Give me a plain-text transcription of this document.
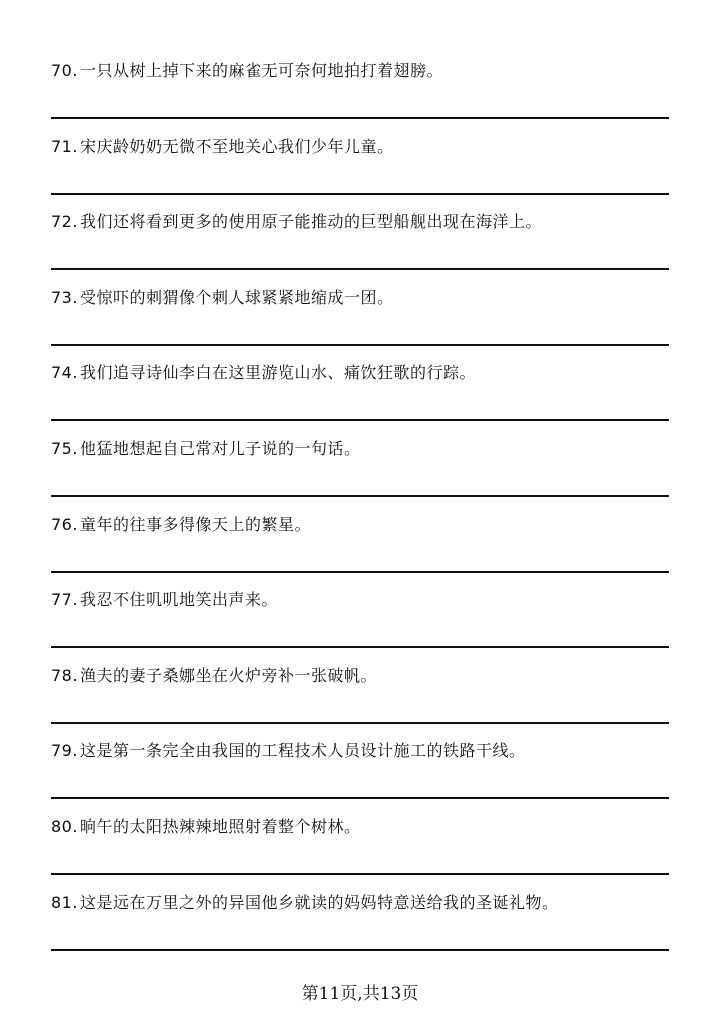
70. 一只从树上掉下来的麻雀无可奈何地拍打着翅膀。
71. 宋庆龄奶奶无微不至地关心我们少年儿童。
72. 我们还将看到更多的使用原子能推动的巨型船舰出现在海洋上。
73. 受惊吓的刺猬像个刺人球紧紧地缩成一团。
74. 我们追寻诗仙李白在这里游览山水、痛饮狂歌的行踪。
75. 他猛地想起自己常对儿子说的一句话。
76. 童年的往事多得像天上的繁星。
77. 我忍不住叽叽地笑出声来。
78. 渔夫的妻子桑娜坐在火炉旁补一张破帆。
79. 这是第一条完全由我国的工程技术人员设计施工的铁路干线。
80. 晌午的太阳热辣辣地照射着整个树林。
81. 这是远在万里之外的异国他乡就读的妈妈特意送给我的圣诞礼物。
第11页,共13页
